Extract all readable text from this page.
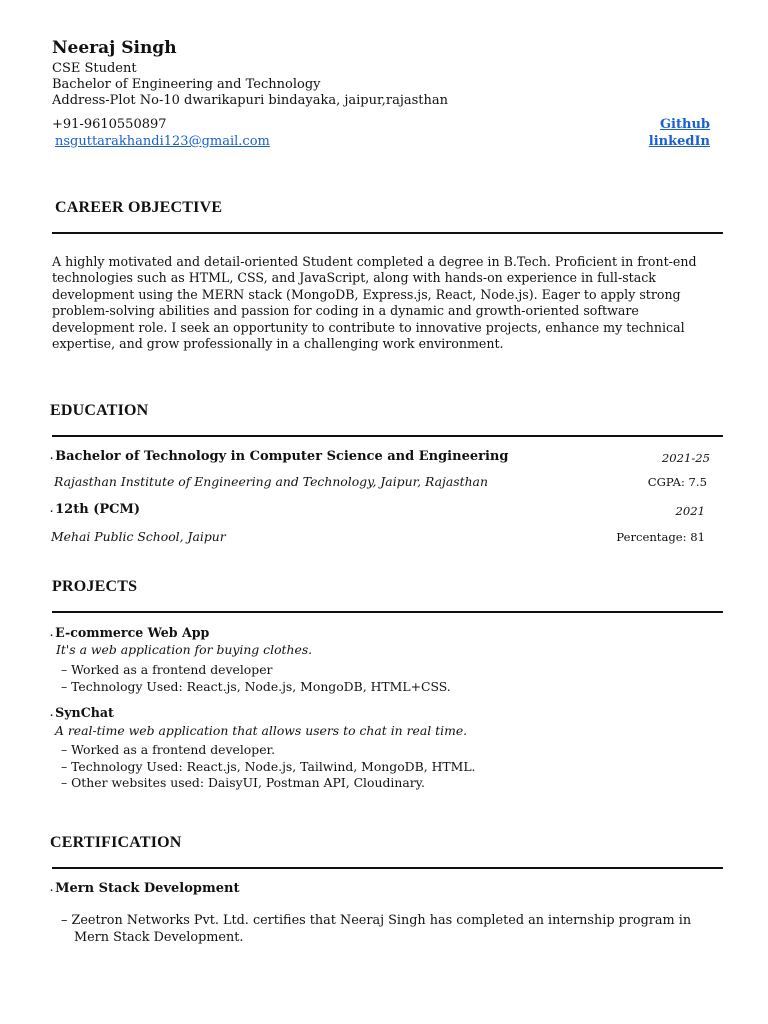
Neeraj Singh
CSE Student
Bachelor of Engineering and Technology
Address-Plot No-10 dwarikapuri bindayaka, jaipur,rajasthan
+91-9610550897
nsguttarakhandi123@gmail.com
Github
linkedIn
CAREER OBJECTIVE
A highly motivated and detail-oriented Student completed a degree in B.Tech. Proficient in front-end
technologies such as HTML, CSS, and JavaScript, along with hands-on experience in full-stack
development using the MERN stack (MongoDB, Express.js, React, Node.js). Eager to apply strong
problem-solving abilities and passion for coding in a dynamic and growth-oriented software
development role. I seek an opportunity to contribute to innovative projects, enhance my technical
expertise, and grow professionally in a challenging work environment.
EDUCATION
. Bachelor of Technology in Computer Science and Engineering	2021-25
Rajasthan Institute of Engineering and Technology, Jaipur, Rajasthan	CGPA: 7.5
. 12th (PCM)	2021
Mehai Public School, Jaipur	Percentage: 81
PROJECTS
. E-commerce Web App
It's a web application for buying clothes.
– Worked as a frontend developer
– Technology Used: React.js, Node.js, MongoDB, HTML+CSS.
. SynChat
A real-time web application that allows users to chat in real time.
– Worked as a frontend developer.
– Technology Used: React.js, Node.js, Tailwind, MongoDB, HTML.
– Other websites used: DaisyUI, Postman API, Cloudinary.
CERTIFICATION
. Mern Stack Development
– Zeetron Networks Pvt. Ltd. certifies that Neeraj Singh has completed an internship program in
Mern Stack Development.
